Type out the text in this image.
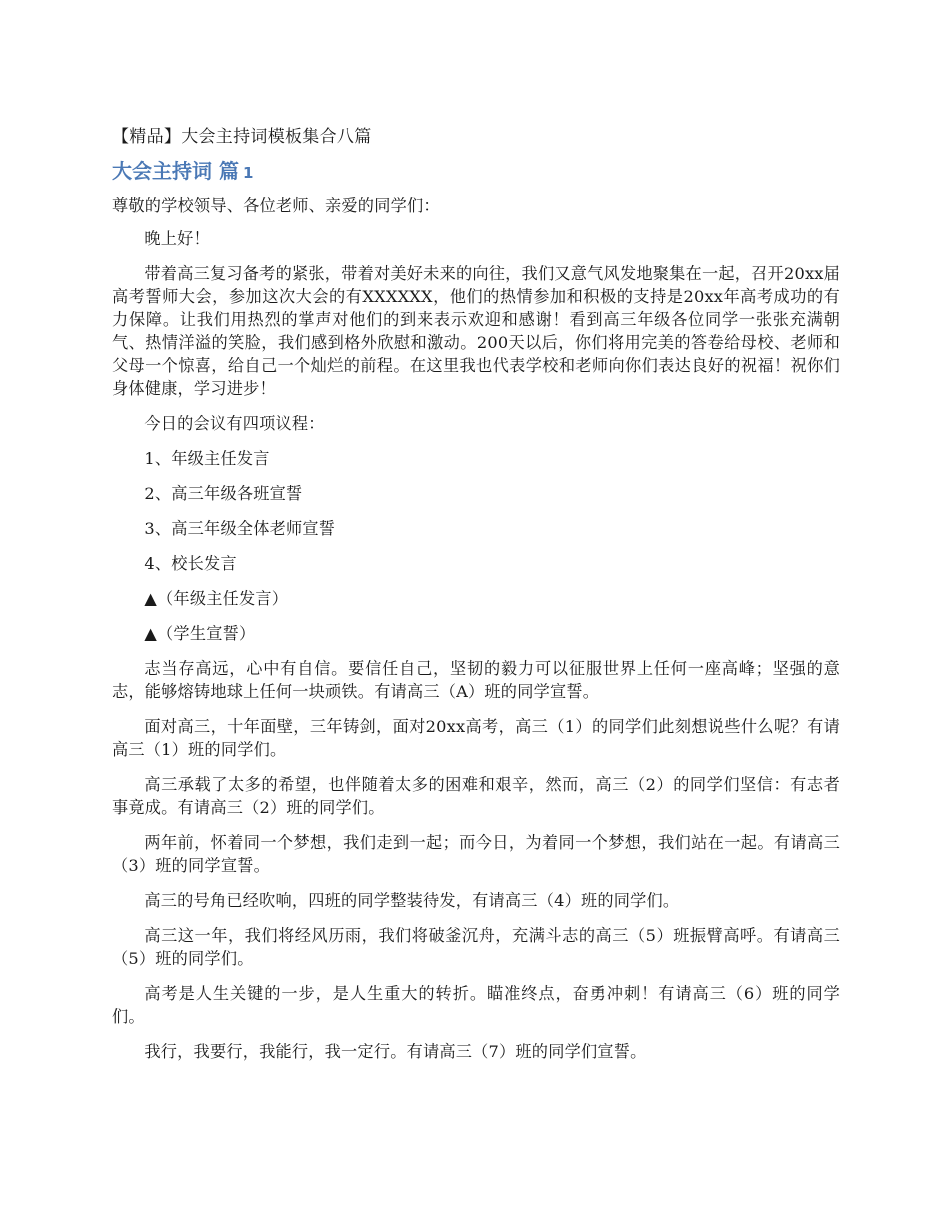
【精品】大会主持词模板集合八篇
大会主持词 篇 1
尊敬的学校领导、各位老师、亲爱的同学们：
晚上好！
带着高三复习备考的紧张，带着对美好未来的向往，我们又意气风发地聚集在一起，召开20xx届高考誓师大会，参加这次大会的有XXXXXX，他们的热情参加和积极的支持是20xx年高考成功的有力保障。让我们用热烈的掌声对他们的到来表示欢迎和感谢！看到高三年级各位同学一张张充满朝气、热情洋溢的笑脸，我们感到格外欣慰和激动。200天以后，你们将用完美的答卷给母校、老师和父母一个惊喜，给自己一个灿烂的前程。在这里我也代表学校和老师向你们表达良好的祝福！祝你们身体健康，学习进步！
今日的会议有四项议程：
1、年级主任发言
2、高三年级各班宣誓
3、高三年级全体老师宣誓
4、校长发言
▲（年级主任发言）
▲（学生宣誓）
志当存高远，心中有自信。要信任自己，坚韧的毅力可以征服世界上任何一座高峰；坚强的意志，能够熔铸地球上任何一块顽铁。有请高三（A）班的同学宣誓。
面对高三，十年面壁，三年铸剑，面对20xx高考，高三（1）的同学们此刻想说些什么呢？有请高三（1）班的同学们。
高三承载了太多的希望，也伴随着太多的困难和艰辛，然而，高三（2）的同学们坚信：有志者事竟成。有请高三（2）班的同学们。
两年前，怀着同一个梦想，我们走到一起；而今日，为着同一个梦想，我们站在一起。有请高三（3）班的同学宣誓。
高三的号角已经吹响，四班的同学整装待发，有请高三（4）班的同学们。
高三这一年，我们将经风历雨，我们将破釜沉舟，充满斗志的高三（5）班振臂高呼。有请高三（5）班的同学们。
高考是人生关键的一步，是人生重大的转折。瞄准终点，奋勇冲刺！有请高三（6）班的同学们。
我行，我要行，我能行，我一定行。有请高三（7）班的同学们宣誓。
